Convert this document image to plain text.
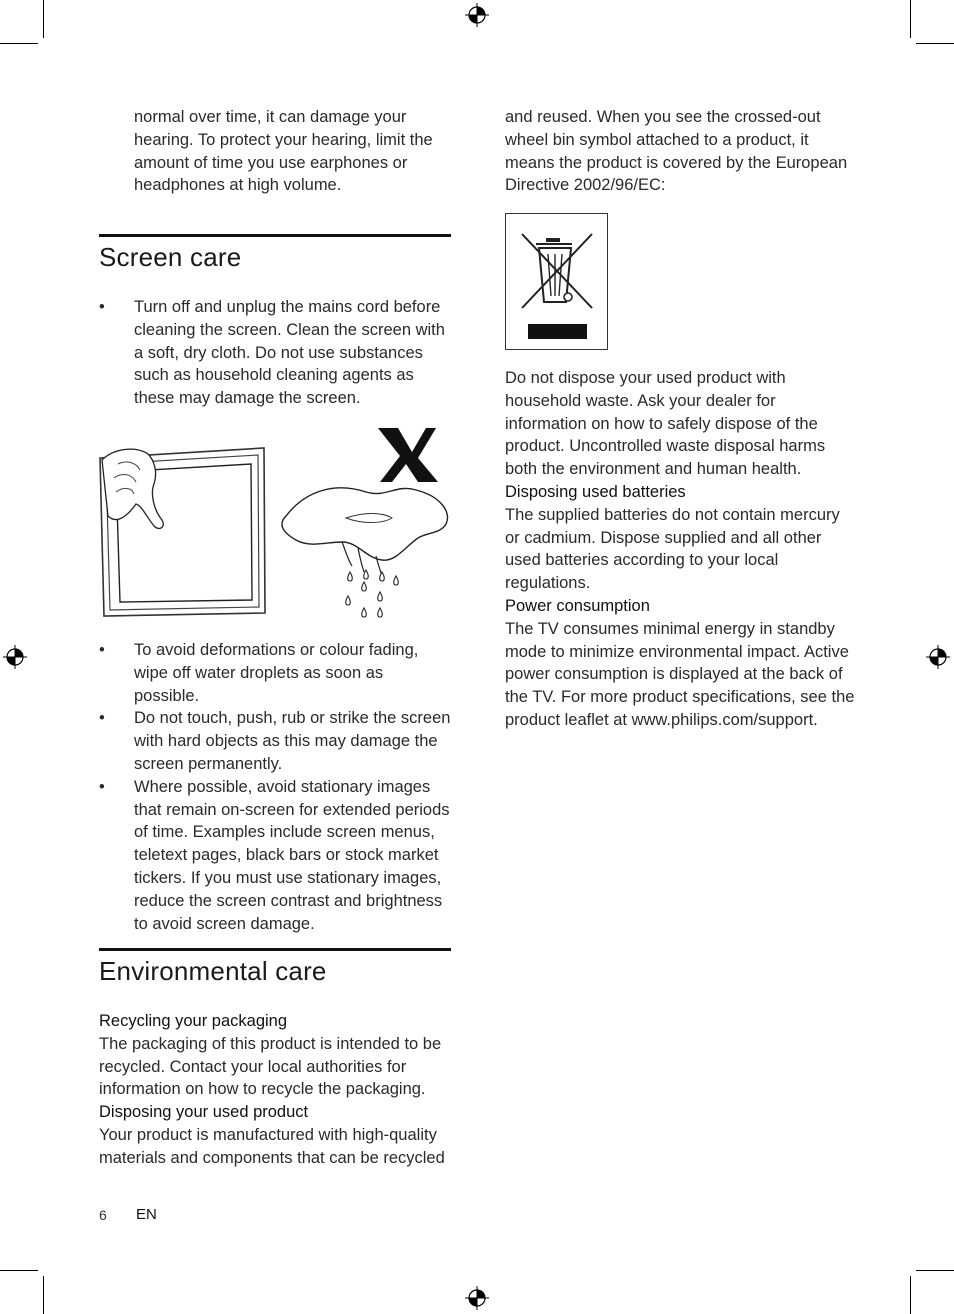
normal over time, it can damage your hearing. To protect your hearing, limit the amount of time you use earphones or headphones at high volume.
Screen care
• Turn off and unplug the mains cord before cleaning the screen. Clean the screen with a soft, dry cloth. Do not use substances such as household cleaning agents as these may damage the screen.
• To avoid deformations or colour fading, wipe off water droplets as soon as possible.
• Do not touch, push, rub or strike the screen with hard objects as this may damage the screen permanently.
• Where possible, avoid stationary images that remain on-screen for extended periods of time. Examples include screen menus, teletext pages, black bars or stock market tickers. If you must use stationary images, reduce the screen contrast and brightness to avoid screen damage.
Environmental care
Recycling your packaging
The packaging of this product is intended to be recycled. Contact your local authorities for information on how to recycle the packaging.
Disposing your used product
Your product is manufactured with high-quality materials and components that can be recycled
and reused. When you see the crossed-out wheel bin symbol attached to a product, it means the product is covered by the European Directive 2002/96/EC:
Do not dispose your used product with household waste. Ask your dealer for information on how to safely dispose of the product. Uncontrolled waste disposal harms both the environment and human health.
Disposing used batteries
The supplied batteries do not contain mercury or cadmium. Dispose supplied and all other used batteries according to your local regulations.
Power consumption
The TV consumes minimal energy in standby mode to minimize environmental impact. Active power consumption is displayed at the back of the TV. For more product specifications, see the product leaflet at www.philips.com/support.
6 EN
